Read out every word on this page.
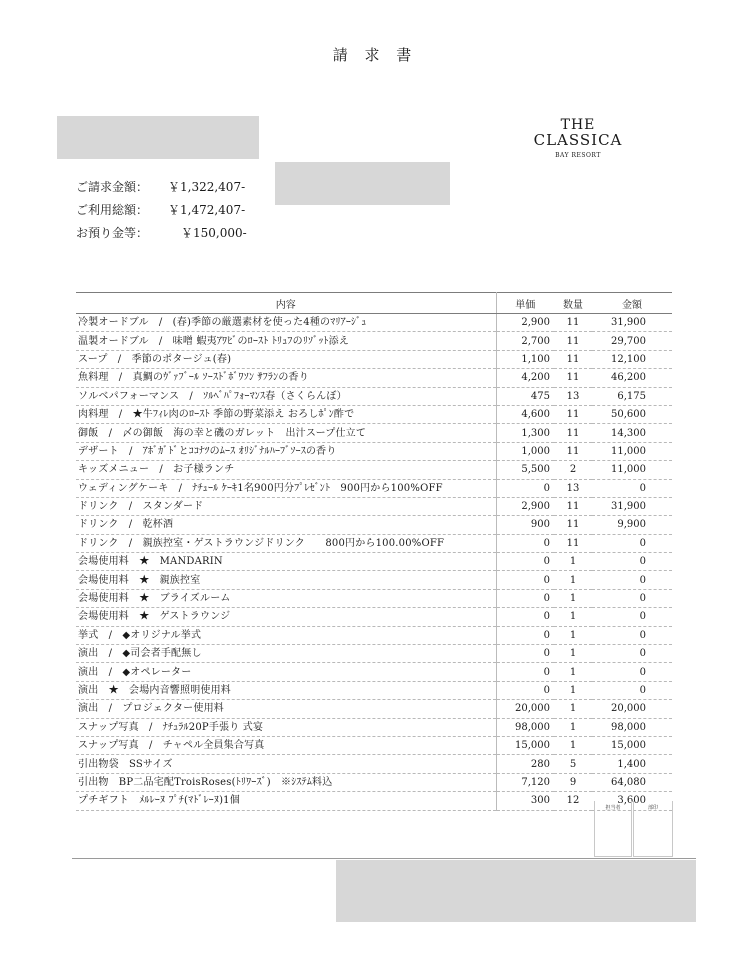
請 求 書
THE
CLASSICA
BAY RESORT
ご請求金額： ￥1,322,407-
ご利用総額： ￥1,472,407-
お預り金等：	￥150,000-
内容	単価	数量	金額
冷製オードブル　/　(春)季節の厳選素材を使った4種のﾏﾘｱｰｼﾞｭ	2,900	11	31,900
温製オードブル　/　味噌 蝦夷ｱﾜﾋﾞのﾛｰｽﾄ ﾄﾘｭﾌのﾘｿﾞｯﾄ添え	2,700	11	29,700
スープ　/　季節のポタージュ(春)	1,100	11	12,100
魚料理　/　真鯛のｳﾞｧﾌﾞｰﾙ ｿｰｽﾄﾞﾎﾞﾜｿﾝ ｻﾌﾗﾝの香り	4,200	11	46,200
ソルベパフォーマンス　/　ｿﾙﾍﾞﾊﾟﾌｫｰﾏﾝｽ春（さくらんぼ）	475	13	6,175
肉料理　/　★牛ﾌｨﾚ肉のﾛｰｽﾄ 季節の野菜添え おろしﾎﾟﾝ酢で	4,600	11	50,600
御飯　/　〆の御飯　海の幸と磯のガレット　出汁スープ仕立て	1,300	11	14,300
デザート　/　ｱﾎﾞｶﾞﾄﾞとｺｺﾅﾂのﾑｰｽ ｵﾘｼﾞﾅﾙﾊｰﾌﾞｿｰｽの香り	1,000	11	11,000
キッズメニュー　/　お子様ランチ	5,500	2	11,000
ウェディングケーキ　/　ﾅﾁｭｰﾙ ｹｰｷ1名900円分ﾌﾟﾚｾﾞﾝﾄ　900円から100%OFF	0	13	0
ドリンク　/　スタンダード	2,900	11	31,900
ドリンク　/　乾杯酒	900	11	9,900
ドリンク　/　親族控室・ゲストラウンジドリンク　　800円から100.00%OFF	0	11	0
会場使用料　★　MANDARIN	0	1	0
会場使用料　★　親族控室	0	1	0
会場使用料　★　ブライズルーム	0	1	0
会場使用料　★　ゲストラウンジ	0	1	0
挙式　/　◆オリジナル挙式	0	1	0
演出　/　◆司会者手配無し	0	1	0
演出　/　◆オペレーター	0	1	0
演出　★　会場内音響照明使用料	0	1	0
演出　/　プロジェクター使用料	20,000	1	20,000
スナップ写真　/　ﾅﾁｭﾗﾙ20P手張り 式宴	98,000	1	98,000
スナップ写真　/　チャペル全員集合写真	15,000	1	15,000
引出物袋　SSサイズ	280	5	1,400
引出物　BP二品宅配TroisRoses(ﾄﾘﾜｰｽﾞ)　※ｼｽﾃﾑ料込	7,120	9	64,080
プチギフト　ﾒﾙﾚｰﾇ ﾌﾟﾁ(ﾏﾄﾞﾚｰﾇ)1個	300	12	3,600
担当者	部印
